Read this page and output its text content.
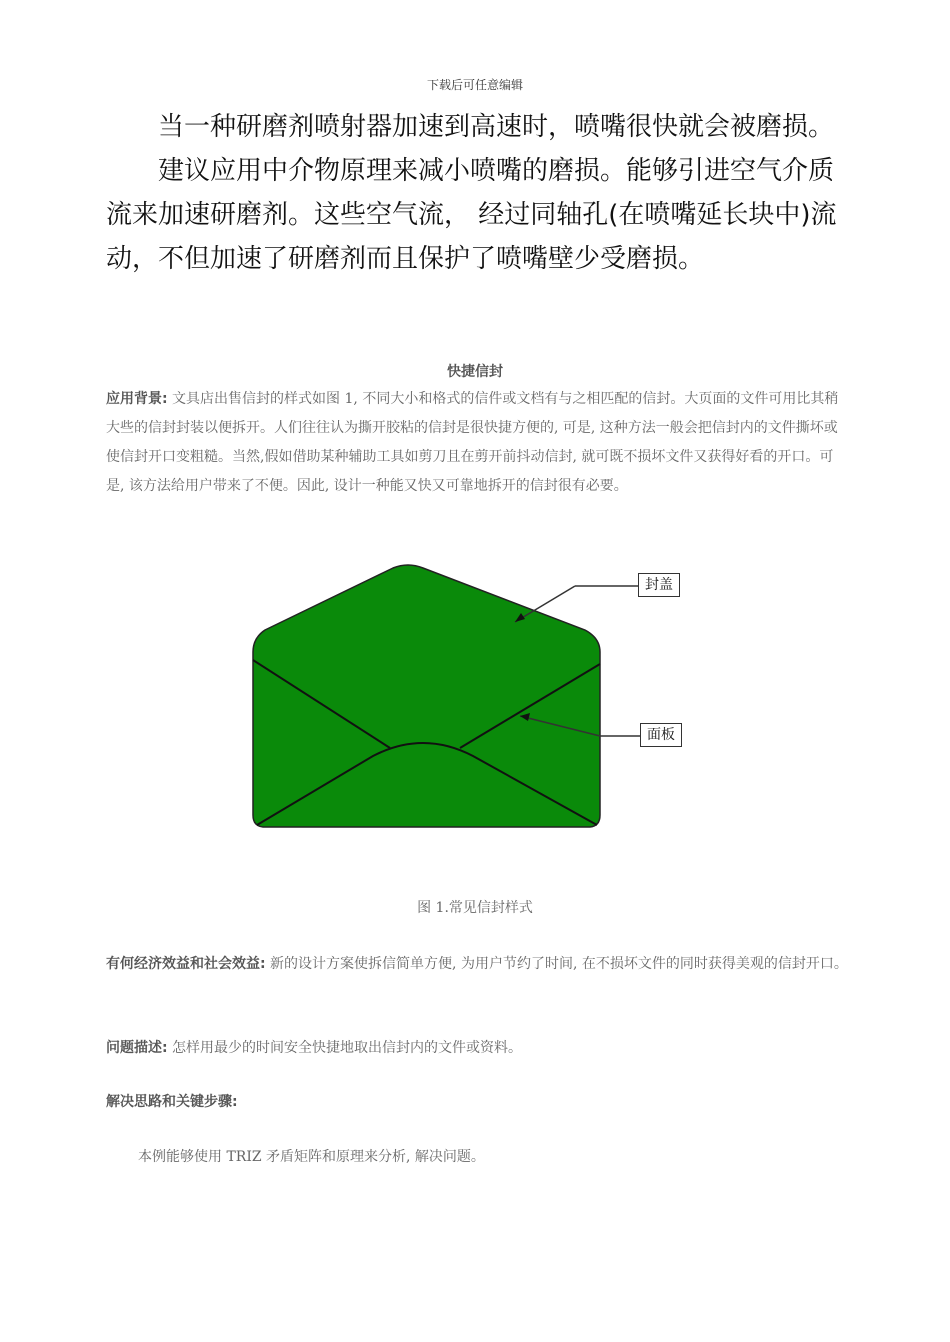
下载后可任意编辑

当一种研磨剂喷射器加速到高速时，喷嘴很快就会被磨损。

建议应用中介物原理来减小喷嘴的磨损。能够引进空气介质流来加速研磨剂。这些空气流， 经过同轴孔(在喷嘴延长块中)流动，不但加速了研磨剂而且保护了喷嘴壁少受磨损。

快捷信封

应用背景: 文具店出售信封的样式如图 1, 不同大小和格式的信件或文档有与之相匹配的信封。大页面的文件可用比其稍大些的信封封装以便拆开。人们往往认为撕开胶粘的信封是很快捷方便的, 可是, 这种方法一般会把信封内的文件撕坏或使信封开口变粗糙。当然,假如借助某种辅助工具如剪刀且在剪开前抖动信封, 就可既不损坏文件又获得好看的开口。可是, 该方法给用户带来了不便。因此, 设计一种能又快又可靠地拆开的信封很有必要。

封盖
面板
图 1.常见信封样式

有何经济效益和社会效益: 新的设计方案使拆信简单方便, 为用户节约了时间, 在不损坏文件的同时获得美观的信封开口。

问题描述: 怎样用最少的时间安全快捷地取出信封内的文件或资料。

解决思路和关键步骤:

本例能够使用 TRIZ 矛盾矩阵和原理来分析, 解决问题。
